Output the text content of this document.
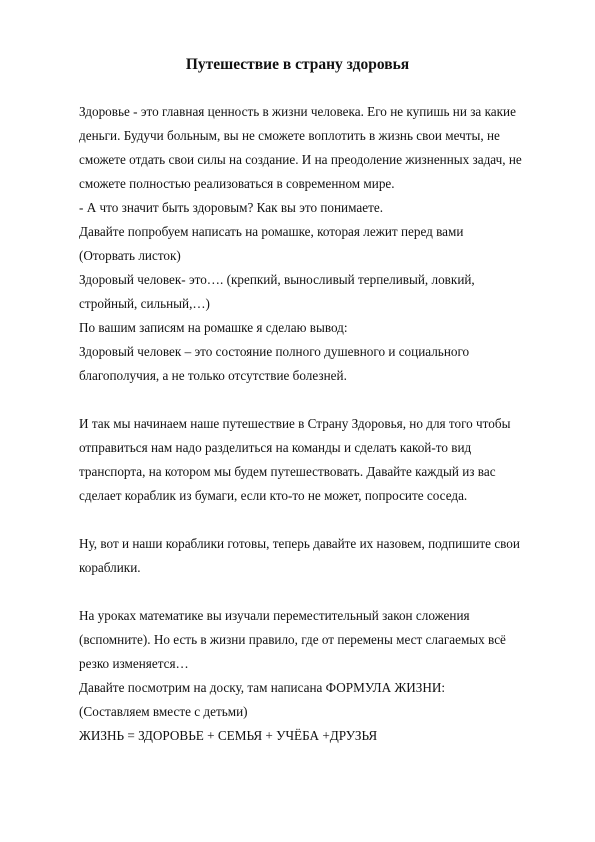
Путешествие в страну здоровья
Здоровье - это главная ценность в жизни человека. Его не купишь ни за какие
деньги. Будучи больным, вы не сможете воплотить в жизнь свои мечты, не
сможете отдать свои силы на создание. И на преодоление жизненных задач, не
сможете полностью реализоваться в современном мире.
- А что значит быть здоровым? Как вы это понимаете.
Давайте попробуем написать на ромашке, которая лежит перед вами
(Оторвать листок)
Здоровый человек- это…. (крепкий, выносливый терпеливый, ловкий,
стройный, сильный,…)
По вашим записям на ромашке я сделаю вывод:
Здоровый человек – это состояние полного душевного и социального
благополучия, а не только отсутствие болезней.
И так мы начинаем наше путешествие в Страну Здоровья, но для того чтобы
отправиться нам надо разделиться на команды и сделать какой-то вид
транспорта, на котором мы будем путешествовать. Давайте каждый из вас
сделает кораблик из бумаги, если кто-то не может, попросите соседа.
Ну, вот и наши кораблики готовы, теперь давайте их назовем, подпишите свои
кораблики.
На уроках математике вы изучали переместительный закон сложения
(вспомните). Но есть в жизни правило, где от перемены мест слагаемых всё
резко изменяется…
Давайте посмотрим на доску, там написана ФОРМУЛА ЖИЗНИ:
(Составляем вместе с детьми)
ЖИЗНЬ = ЗДОРОВЬЕ + СЕМЬЯ + УЧЁБА +ДРУЗЬЯ
